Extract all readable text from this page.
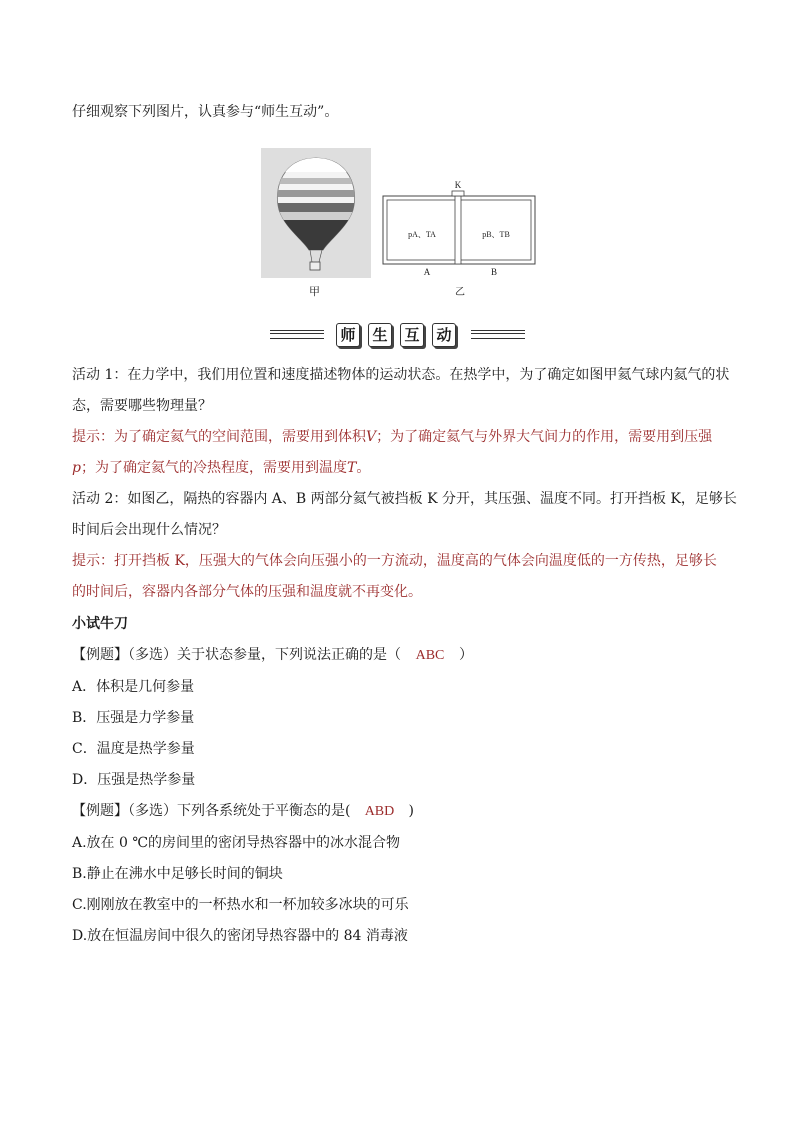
仔细观察下列图片，认真参与“师生互动”。
甲
K
pA、TA	pB、TB
A	B
乙
师	生	互	动
活动 1：在力学中，我们用位置和速度描述物体的运动状态。在热学中，为了确定如图甲氦气球内氦气的状
态，需要哪些物理量？
提示：为了确定氦气的空间范围，需要用到体积V；为了确定氦气与外界大气间力的作用，需要用到压强
p；为了确定氦气的冷热程度，需要用到温度T。
活动 2：如图乙，隔热的容器内 A、B 两部分氦气被挡板 K 分开，其压强、温度不同。打开挡板 K，足够长
时间后会出现什么情况？
提示：打开挡板 K，压强大的气体会向压强小的一方流动，温度高的气体会向温度低的一方传热，足够长
的时间后，容器内各部分气体的压强和温度就不再变化。
小试牛刀
【例题】（多选）关于状态参量，下列说法正确的是（ ABC ）
A．体积是几何参量
B．压强是力学参量
C．温度是热学参量
D．压强是热学参量
【例题】（多选）下列各系统处于平衡态的是( ABD )
A.放在 0 ℃的房间里的密闭导热容器中的冰水混合物
B.静止在沸水中足够长时间的铜块
C.刚刚放在教室中的一杯热水和一杯加较多冰块的可乐
D.放在恒温房间中很久的密闭导热容器中的 84 消毒液
